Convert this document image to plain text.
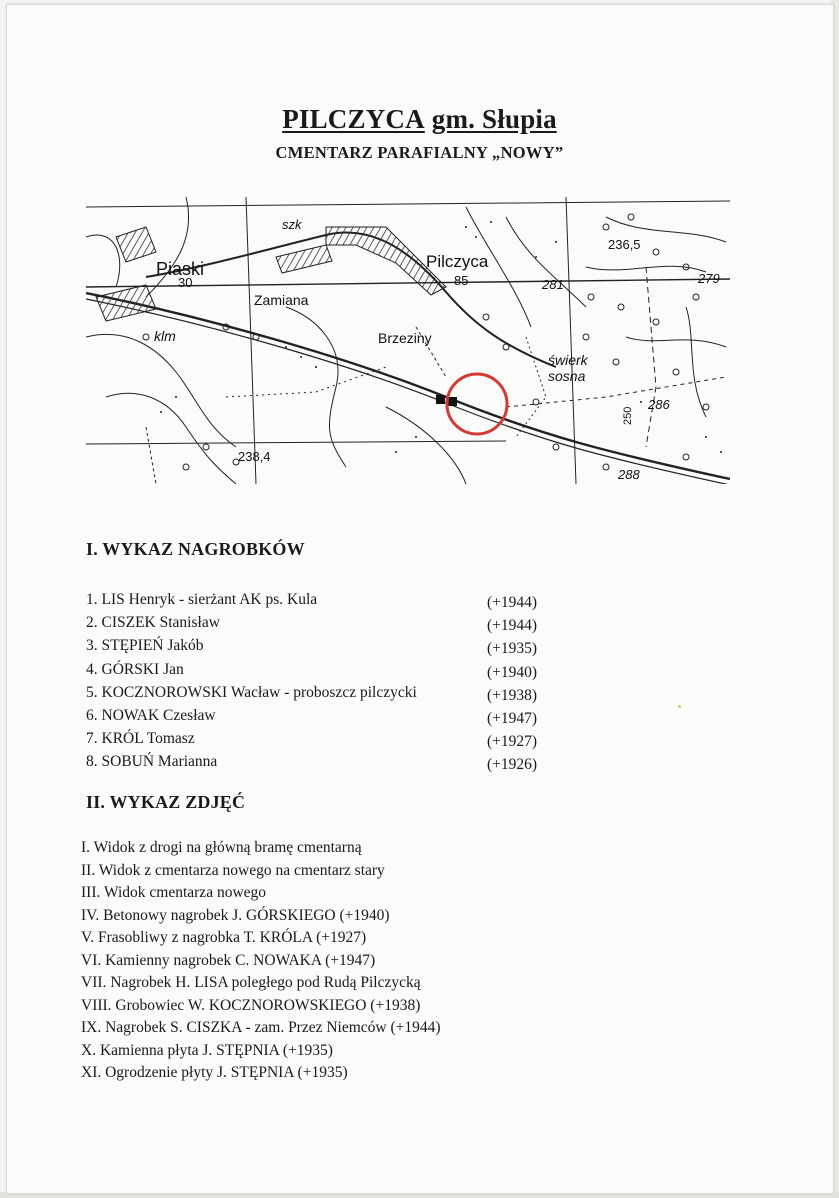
PILCZYCA gm. Słupia
CMENTARZ PARAFIALNY „NOWY”
Piaski	Pilczyca
Zamiana
Brzeziny
szk
klm
świerk
sosna
236,5
279
281
85
30
238,4
286
288
250
I. WYKAZ NAGROBKÓW
1. LIS Henryk - sierżant AK ps. Kula	(+1944)
2. CISZEK Stanisław	(+1944)
3. STĘPIEŃ Jakób	(+1935)
4. GÓRSKI Jan	(+1940)
5. KOCZNOROWSKI Wacław - proboszcz pilczycki	(+1938)
6. NOWAK Czesław	(+1947)
7. KRÓL Tomasz	(+1927)
8. SOBUŃ Marianna	(+1926)
II. WYKAZ ZDJĘĆ
I. Widok z drogi na główną bramę cmentarną
II. Widok z cmentarza nowego na cmentarz stary
III. Widok cmentarza nowego
IV. Betonowy nagrobek J. GÓRSKIEGO (+1940)
V. Frasobliwy z nagrobka T. KRÓLA (+1927)
VI. Kamienny nagrobek C. NOWAKA (+1947)
VII. Nagrobek H. LISA poległego pod Rudą Pilczycką
VIII. Grobowiec W. KOCZNOROWSKIEGO (+1938)
IX. Nagrobek S. CISZKA - zam. Przez Niemców (+1944)
X. Kamienna płyta J. STĘPNIA (+1935)
XI. Ogrodzenie płyty J. STĘPNIA (+1935)
